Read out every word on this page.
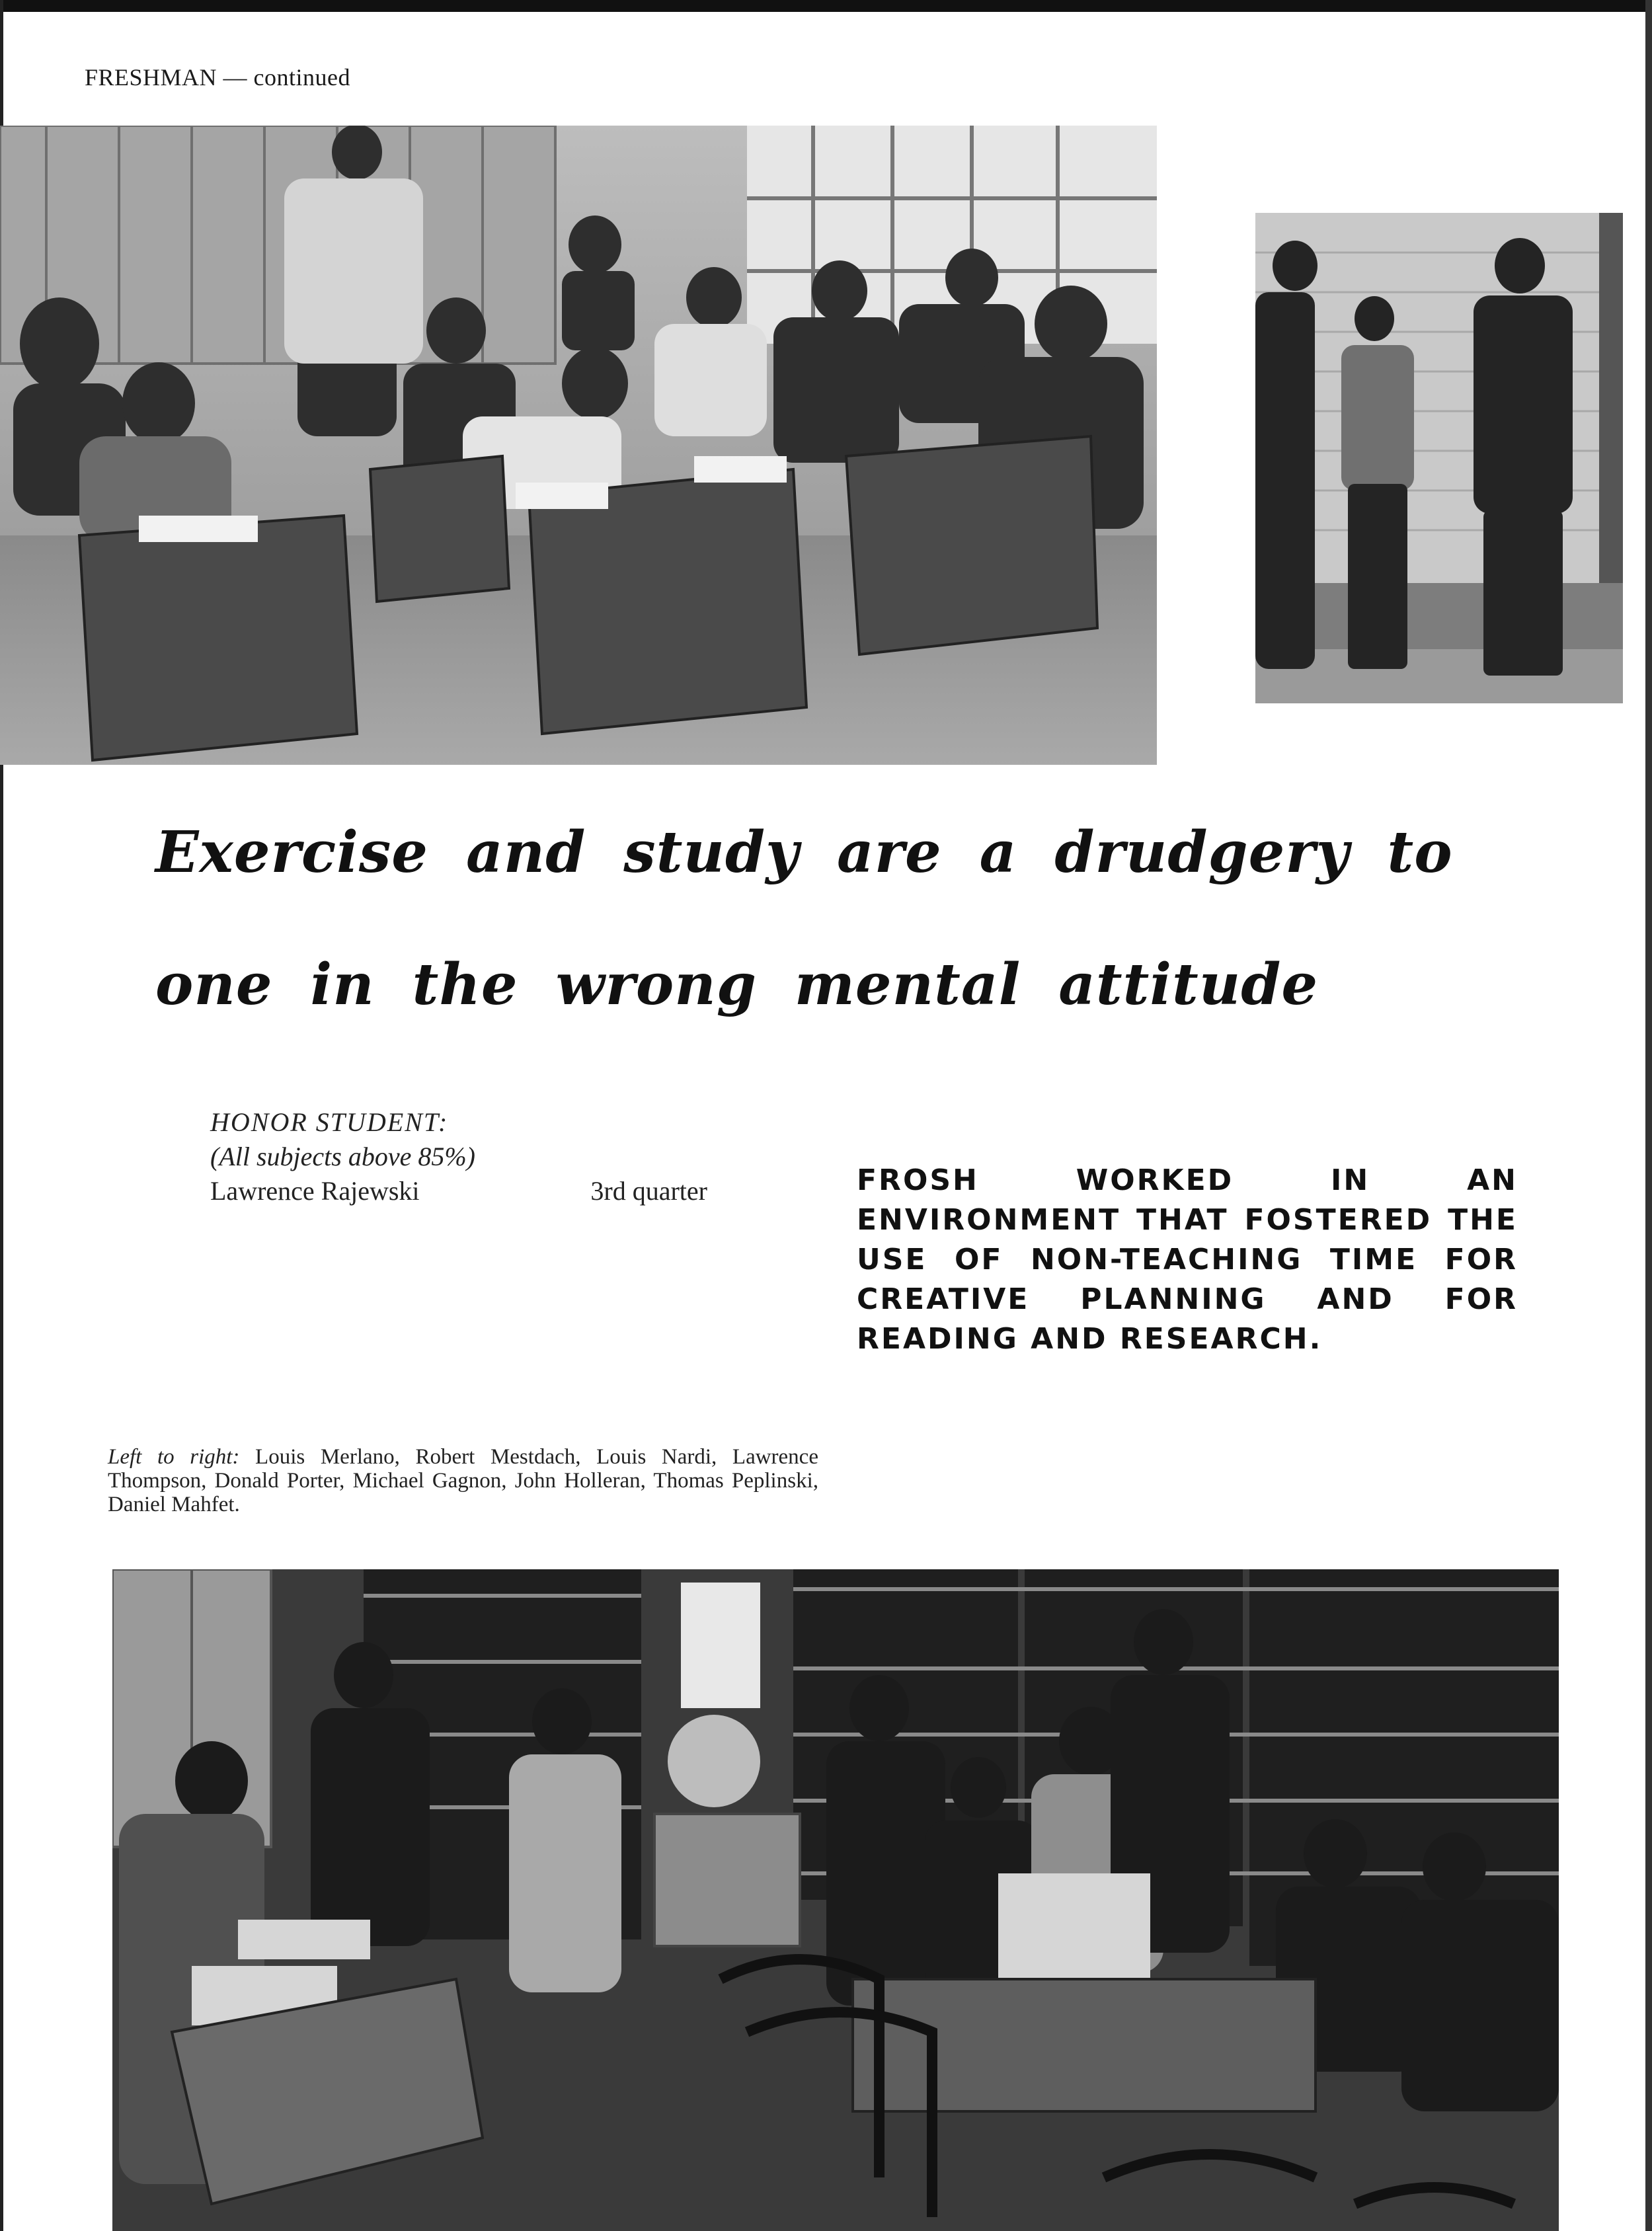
FRESHMAN — continued
Exercise and study are a drudgery to one in the wrong mental attitude
HONOR STUDENT:
(All subjects above 85%)
Lawrence Rajewski	3rd quarter	FROSH WORKED IN AN ENVIRONMENT THAT FOSTERED THE USE OF NON-TEACHING TIME FOR CREATIVE PLANNING AND FOR READING AND RESEARCH.
Left to right: Louis Merlano, Robert Mestdach, Louis Nardi, Lawrence Thompson, Donald Porter, Michael Gagnon, John Holleran, Thomas Peplinski, Daniel Mahfet.
